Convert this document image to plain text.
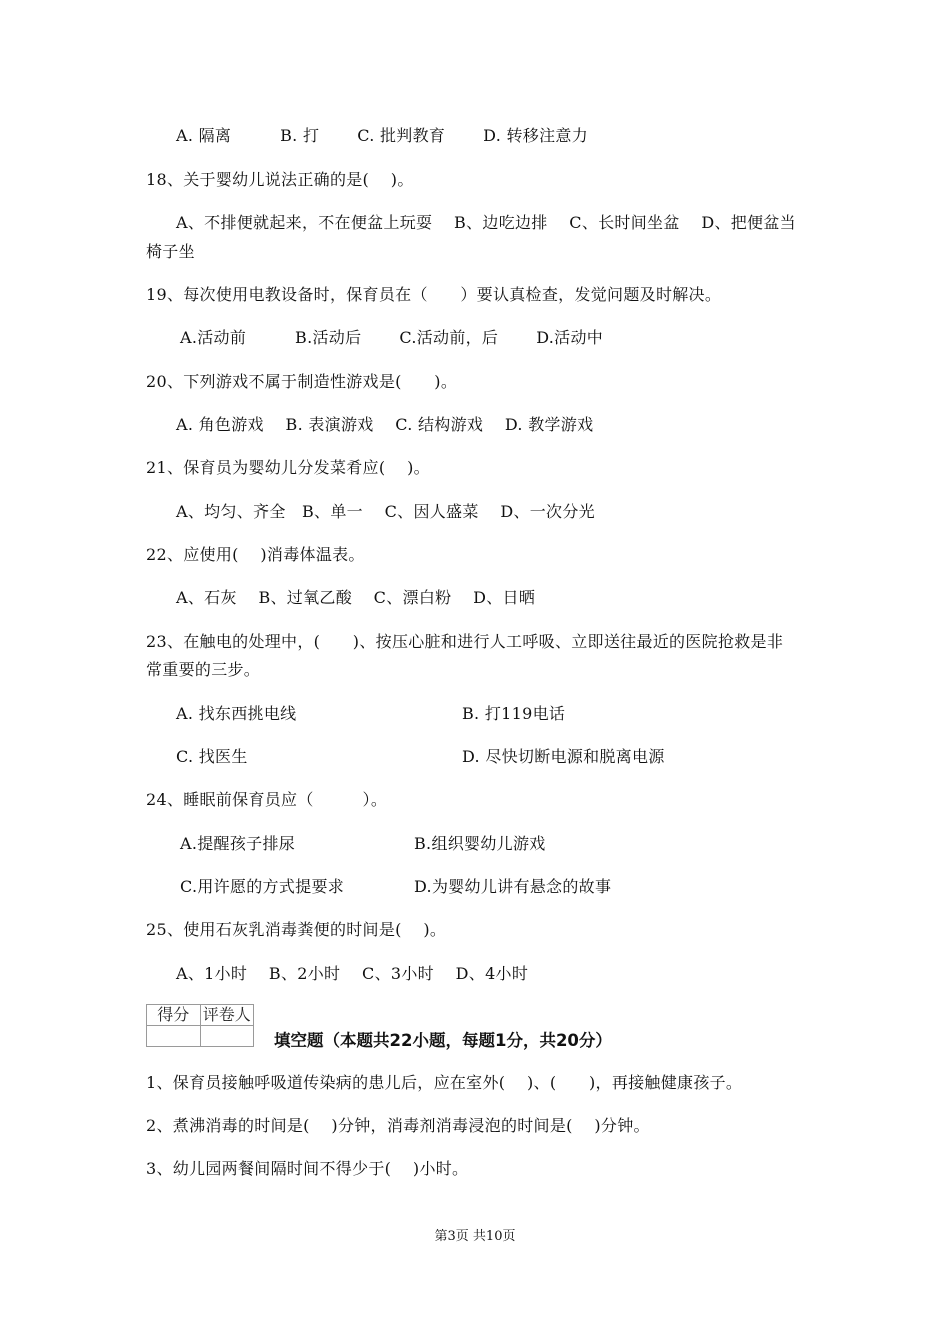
A. 隔离　　　B. 打　　 C. 批判教育　　 D. 转移注意力
18、关于婴幼儿说法正确的是(　 )。
A、不排便就起来，不在便盆上玩耍　 B、边吃边排　 C、长时间坐盆　 D、把便盆当
椅子坐
19、每次使用电教设备时，保育员在（　　）要认真检查，发觉问题及时解决。
A.活动前　　　B.活动后　　 C.活动前，后　　 D.活动中
20、下列游戏不属于制造性游戏是(　　)。
A. 角色游戏　 B. 表演游戏　 C. 结构游戏　 D. 教学游戏
21、保育员为婴幼儿分发菜肴应(　 )。
A、均匀、齐全　B、单一　 C、因人盛菜　 D、一次分光
22、应使用(　 )消毒体温表。
A、石灰　 B、过氧乙酸　 C、漂白粉　 D、日晒
23、在触电的处理中，(　　)、按压心脏和进行人工呼吸、立即送往最近的医院抢救是非
常重要的三步。
A. 找东西挑电线	B. 打119电话
C. 找医生	D. 尽快切断电源和脱离电源
24、睡眠前保育员应（　　　）。
A.提醒孩子排尿	B.组织婴幼儿游戏
C.用许愿的方式提要求	D.为婴幼儿讲有悬念的故事
25、使用石灰乳消毒粪便的时间是(　 )。
A、1小时　 B、2小时　 C、3小时　 D、4小时
得分	评卷人

填空题（本题共22小题，每题1分，共20分）
1、保育员接触呼吸道传染病的患儿后，应在室外(　 )、(　　)，再接触健康孩子。
2、煮沸消毒的时间是(　 )分钟，消毒剂消毒浸泡的时间是(　 )分钟。
3、幼儿园两餐间隔时间不得少于(　 )小时。
第3页 共10页
